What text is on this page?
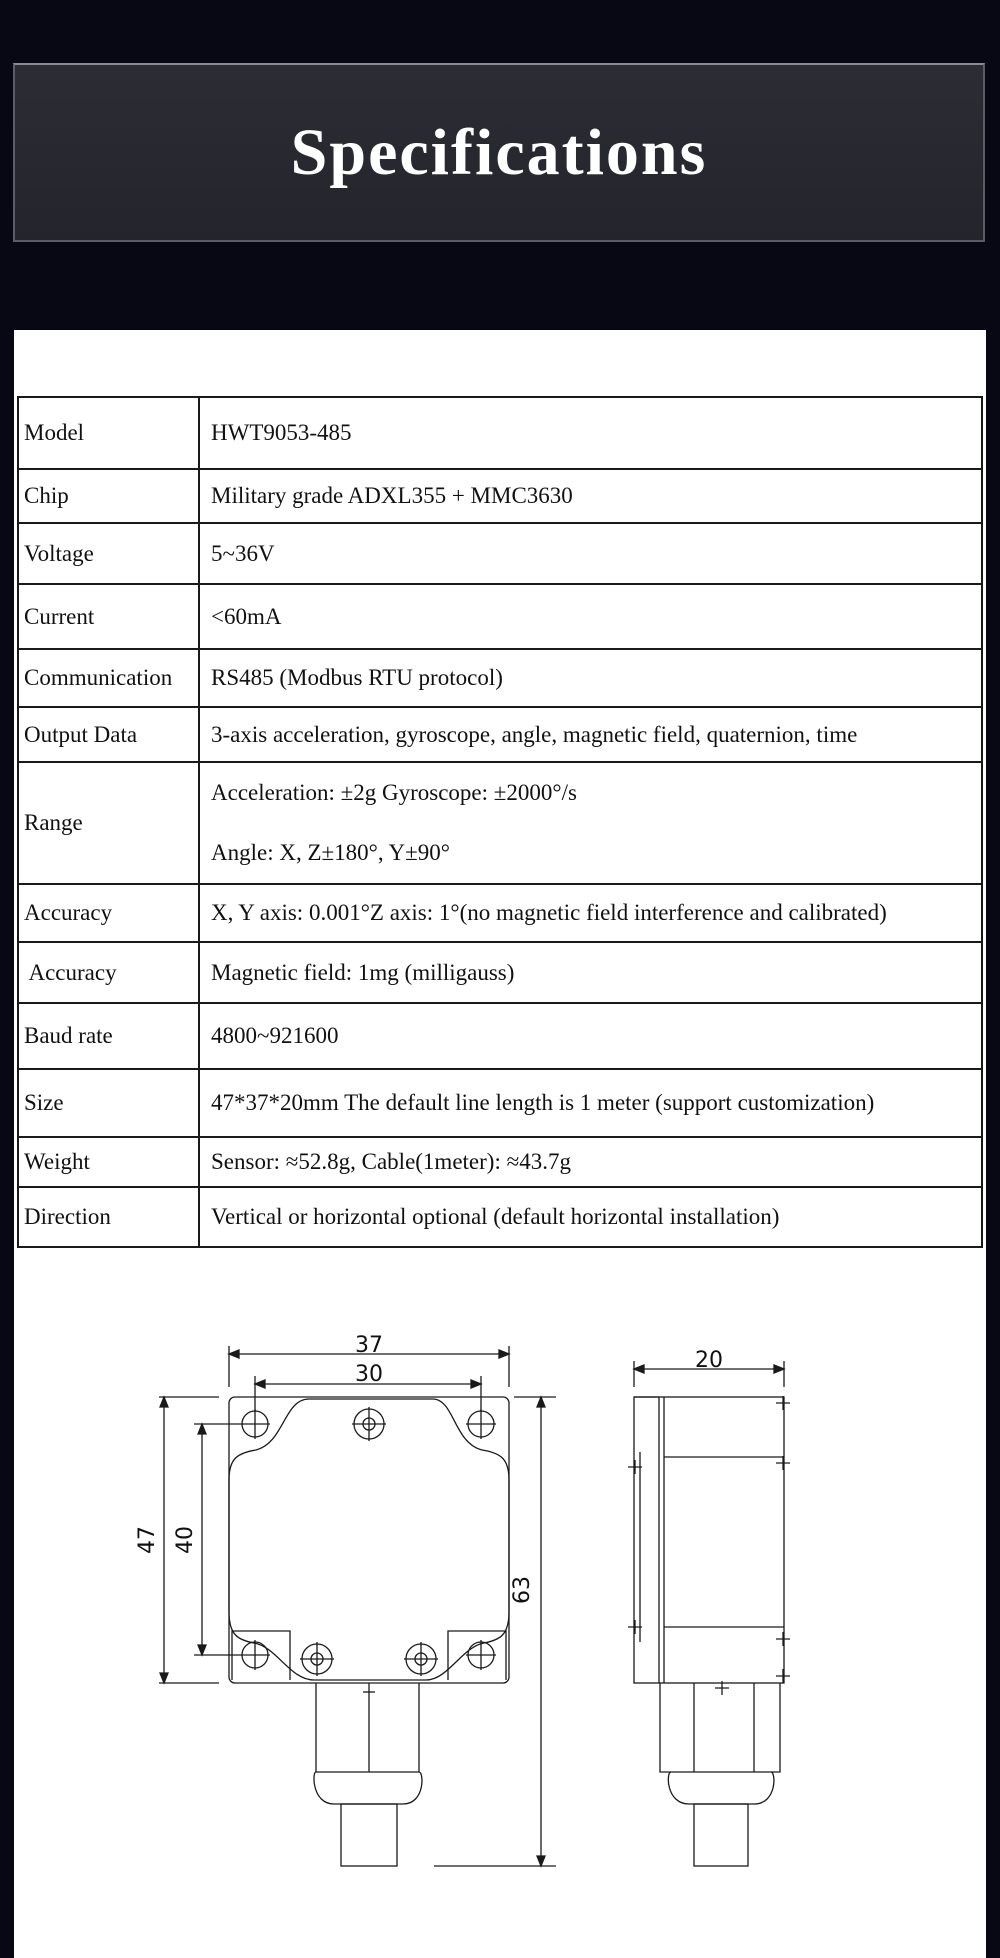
Specifications
Model	HWT9053-485
Chip	Military grade ADXL355 + MMC3630
Voltage	5~36V
Current	<60mA
Communication	RS485 (Modbus RTU protocol)
Output Data	3-axis acceleration, gyroscope, angle, magnetic field, quaternion, time
Range	Acceleration: ±2g Gyroscope: ±2000°/s
Angle: X, Z±180°, Y±90°

Accuracy	X, Y axis: 0.001°Z axis: 1°(no magnetic field interference and calibrated)
Accuracy	Magnetic field: 1mg (milligauss)
Baud rate	4800~921600
Size	47*37*20mm The default line length is 1 meter (support customization)
Weight	Sensor: ≈52.8g, Cable(1meter): ≈43.7g
Direction	Vertical or horizontal optional (default horizontal installation)
37
30
47 40
63
20
